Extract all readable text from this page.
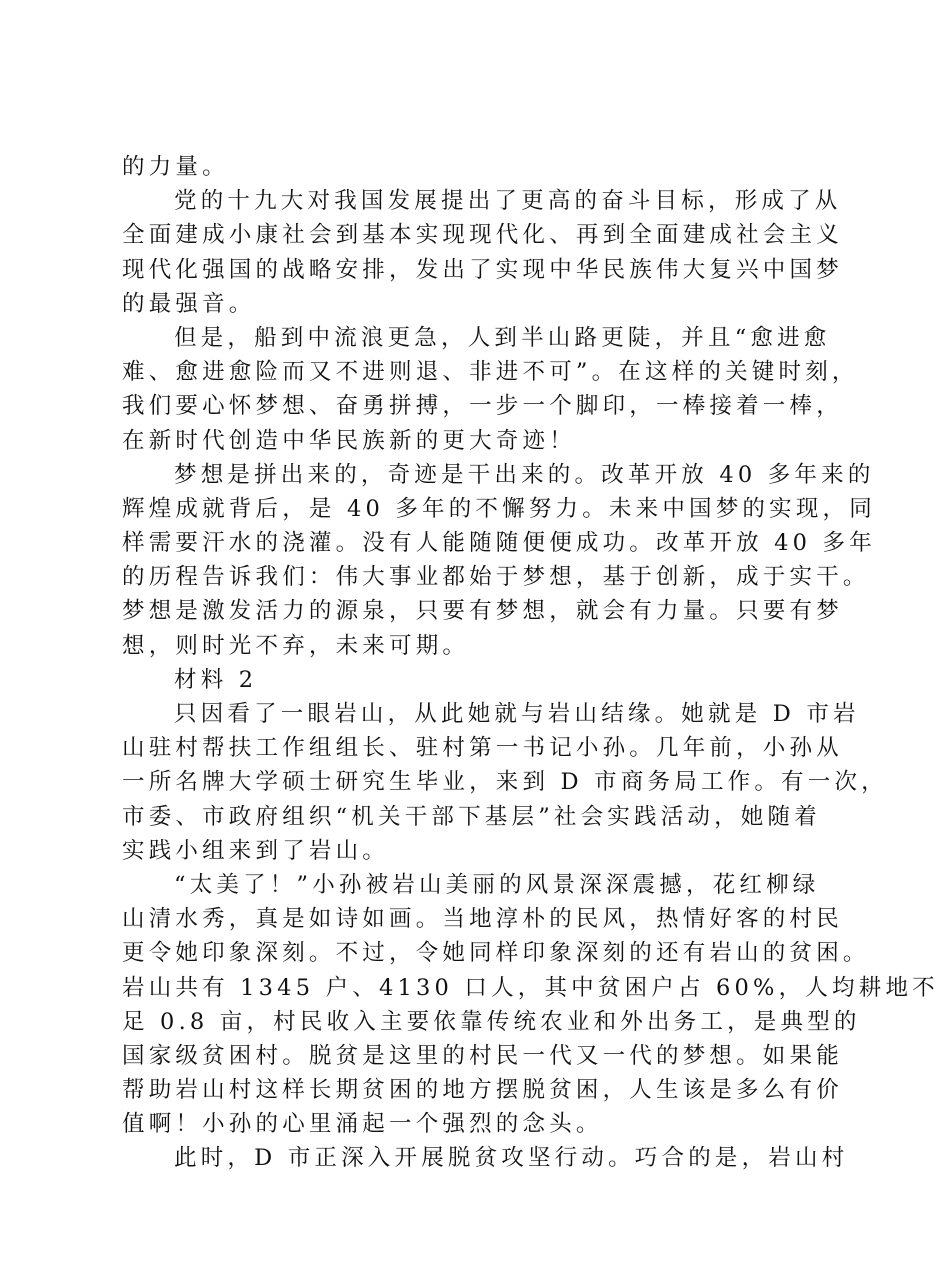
的力量。
党的十九大对我国发展提出了更高的奋斗目标，形成了从
全面建成小康社会到基本实现现代化、再到全面建成社会主义
现代化强国的战略安排，发出了实现中华民族伟大复兴中国梦
的最强音。
但是，船到中流浪更急，人到半山路更陡，并且“愈进愈
难、愈进愈险而又不进则退、非进不可”。在这样的关键时刻，
我们要心怀梦想、奋勇拼搏，一步一个脚印，一棒接着一棒，
在新时代创造中华民族新的更大奇迹！
梦想是拼出来的，奇迹是干出来的。改革开放 40 多年来的
辉煌成就背后，是 40 多年的不懈努力。未来中国梦的实现，同
样需要汗水的浇灌。没有人能随随便便成功。改革开放 40 多年
的历程告诉我们：伟大事业都始于梦想，基于创新，成于实干。
梦想是激发活力的源泉，只要有梦想，就会有力量。只要有梦
想，则时光不弃，未来可期。
材料 2
只因看了一眼岩山，从此她就与岩山结缘。她就是 D 市岩
山驻村帮扶工作组组长、驻村第一书记小孙。几年前，小孙从
一所名牌大学硕士研究生毕业，来到 D 市商务局工作。有一次，
市委、市政府组织“机关干部下基层”社会实践活动，她随着
实践小组来到了岩山。
“太美了！”小孙被岩山美丽的风景深深震撼，花红柳绿
山清水秀，真是如诗如画。当地淳朴的民风，热情好客的村民
更令她印象深刻。不过，令她同样印象深刻的还有岩山的贫困。
岩山共有 1345 户、4130 口人，其中贫困户占 60%，人均耕地不
足 0.8 亩，村民收入主要依靠传统农业和外出务工，是典型的
国家级贫困村。脱贫是这里的村民一代又一代的梦想。如果能
帮助岩山村这样长期贫困的地方摆脱贫困，人生该是多么有价
值啊！小孙的心里涌起一个强烈的念头。
此时，D 市正深入开展脱贫攻坚行动。巧合的是，岩山村
